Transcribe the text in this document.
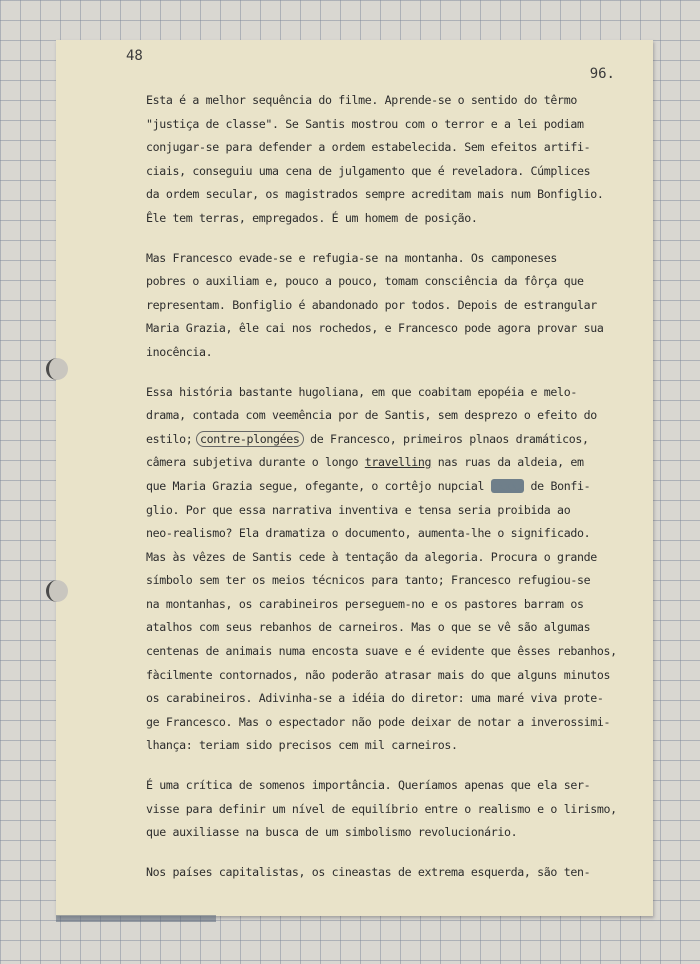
48
96.
Esta é a melhor sequência do filme. Aprende-se o sentido do têrmo
"justiça de classe". Se Santis mostrou com o terror e a lei podiam
conjugar-se para defender a ordem estabelecida. Sem efeitos artifi-
ciais, conseguiu uma cena de julgamento que é reveladora. Cúmplices
da ordem secular, os magistrados sempre acreditam mais num Bonfiglio.
Êle tem terras, empregados. É um homem de posição.
Mas Francesco evade-se e refugia-se na montanha. Os camponeses
pobres o auxiliam e, pouco a pouco, tomam consciência da fôrça que
representam. Bonfiglio é abandonado por todos. Depois de estrangular
Maria Grazia, êle cai nos rochedos, e Francesco pode agora provar sua
inocência.
Essa história bastante hugoliana, em que coabitam epopéia e melo-
drama, contada com veemência por de Santis, sem desprezo o efeito do
estilo; contre-plongées de Francesco, primeiros plnaos dramáticos,
câmera subjetiva durante o longo travelling nas ruas da aldeia, em
que Maria Grazia segue, ofegante, o cortêjo nupcial xxxxx de Bonfi-
glio. Por que essa narrativa inventiva e tensa seria proibida ao
neo-realismo? Ela dramatiza o documento, aumenta-lhe o significado.
Mas às vêzes de Santis cede à tentação da alegoria. Procura o grande
símbolo sem ter os meios técnicos para tanto; Francesco refugiou-se
na montanhas, os carabineiros perseguem-no e os pastores barram os
atalhos com seus rebanhos de carneiros. Mas o que se vê são algumas
centenas de animais numa encosta suave e é evidente que êsses rebanhos,
fàcilmente contornados, não poderão atrasar mais do que alguns minutos
os carabineiros. Adivinha-se a idéia do diretor: uma maré viva prote-
ge Francesco. Mas o espectador não pode deixar de notar a inverossimi-
lhança: teriam sido precisos cem mil carneiros.
É uma crítica de somenos importância. Queríamos apenas que ela ser-
visse para definir um nível de equilíbrio entre o realismo e o lirismo,
que auxiliasse na busca de um simbolismo revolucionário.
Nos países capitalistas, os cineastas de extrema esquerda, são ten-
